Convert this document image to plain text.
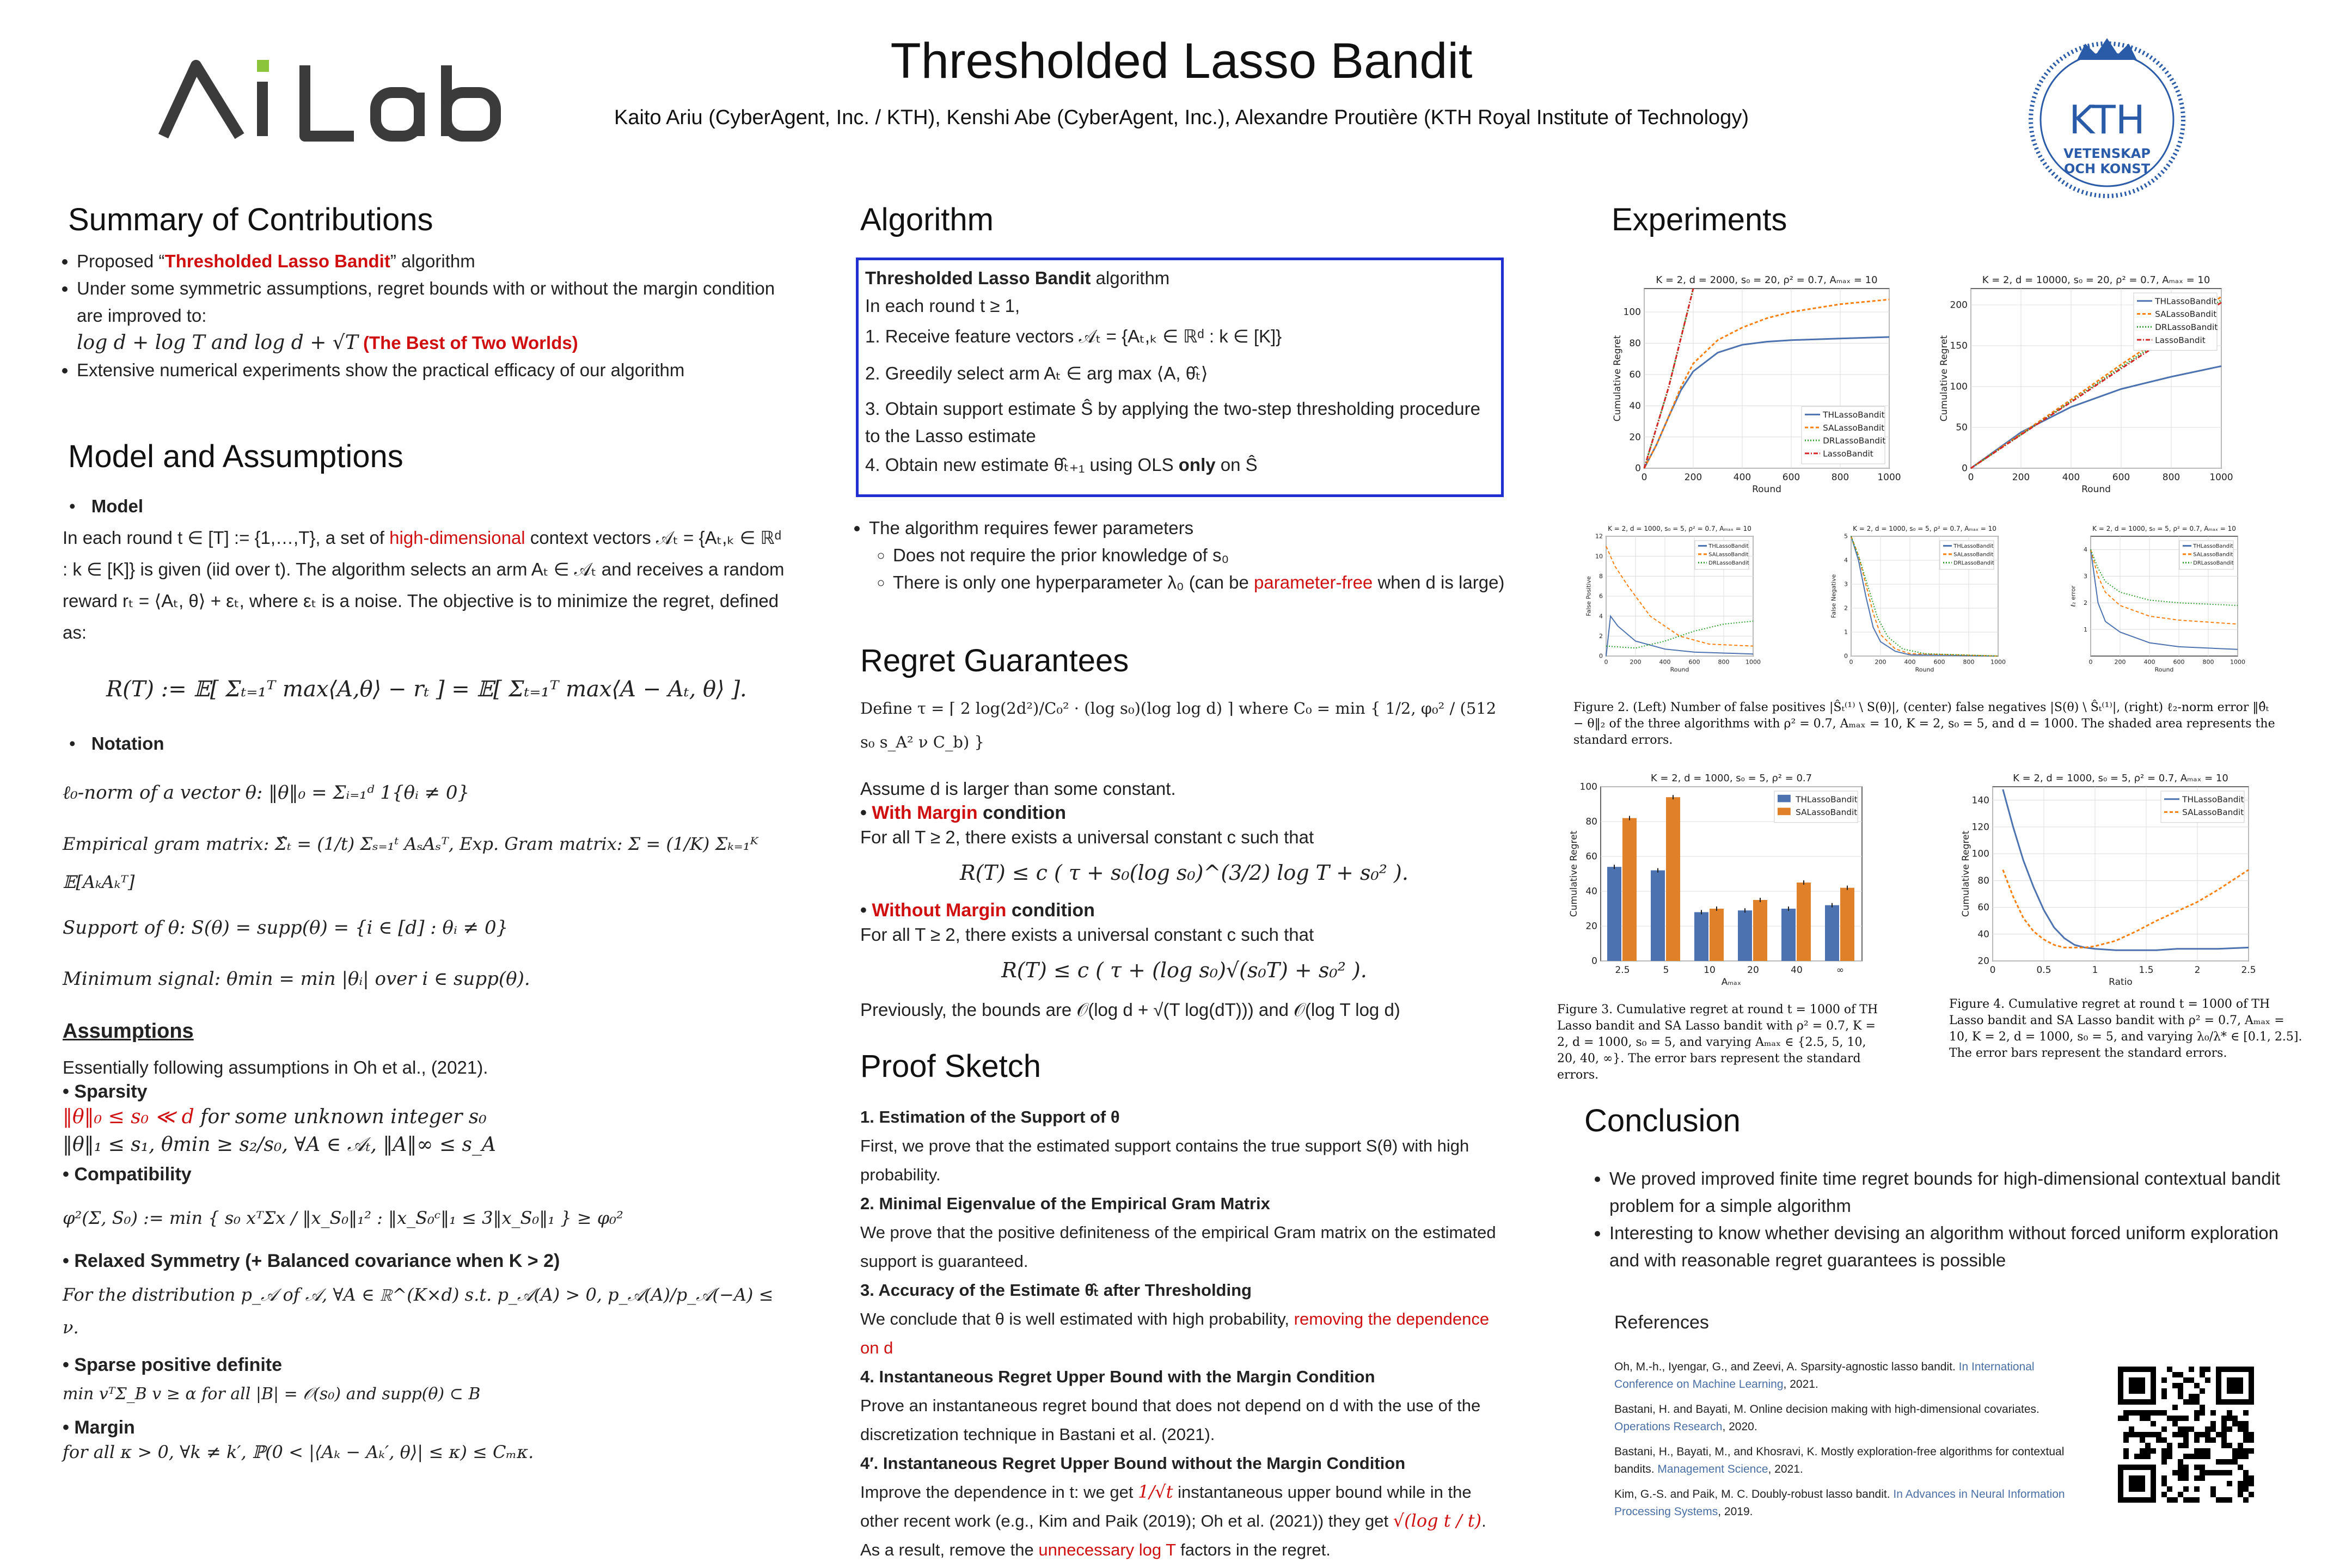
Thresholded Lasso Bandit
Kaito Ariu (CyberAgent, Inc. / KTH), Kenshi Abe (CyberAgent, Inc.), Alexandre Proutière (KTH Royal Institute of Technology)	KTH
VETENSKAP
OCH KONST
Summary of Contributions
• Proposed “Thresholded Lasso Bandit” algorithm
• Under some symmetric assumptions, regret bounds with or without the margin condition are improved to:
log d + log T and log d + √T (The Best of Two Worlds)
• Extensive numerical experiments show the practical efficacy of our algorithm
Model and Assumptions
• Model
In each round t ∈ [T] := {1,…,T}, a set of high-dimensional context vectors 𝒜ₜ = {Aₜ,ₖ ∈ ℝᵈ : k ∈ [K]} is given (iid over t). The algorithm selects an arm Aₜ ∈ 𝒜ₜ and receives a random reward rₜ = ⟨Aₜ, θ⟩ + εₜ, where εₜ is a noise. The objective is to minimize the regret, defined as:
R(T) := 𝔼[ Σₜ₌₁ᵀ max⟨A,θ⟩ − rₜ ] = 𝔼[ Σₜ₌₁ᵀ max⟨A − Aₜ, θ⟩ ].
• Notation
ℓ₀-norm of a vector θ: ‖θ‖₀ = Σᵢ₌₁ᵈ 1{θᵢ ≠ 0}
Empirical gram matrix: Σ̂ₜ = (1/t) Σₛ₌₁ᵗ AₛAₛᵀ, Exp. Gram matrix: Σ = (1/K) Σₖ₌₁ᴷ 𝔼[AₖAₖᵀ]
Support of θ: S(θ) = supp(θ) = {i ∈ [d] : θᵢ ≠ 0}
Minimum signal: θmin = min |θᵢ| over i ∈ supp(θ).
Assumptions
Essentially following assumptions in Oh et al., (2021).
• Sparsity
‖θ‖₀ ≤ s₀ ≪ d for some unknown integer s₀
‖θ‖₁ ≤ s₁, θmin ≥ s₂/s₀, ∀A ∈ 𝒜ₜ, ‖A‖∞ ≤ s_A
• Compatibility
φ²(Σ, S₀) := min { s₀ xᵀΣx / ‖x_S₀‖₁² : ‖x_S₀ᶜ‖₁ ≤ 3‖x_S₀‖₁ } ≥ φ₀²
• Relaxed Symmetry (+ Balanced covariance when K > 2)
For the distribution p_𝒜 of 𝒜, ∀A ∈ ℝ^(K×d) s.t. p_𝒜(A) > 0, p_𝒜(A)/p_𝒜(−A) ≤ ν.
• Sparse positive definite
min vᵀΣ_B v ≥ α for all |B| = 𝒪(s₀) and supp(θ) ⊂ B
• Margin
for all κ > 0, ∀k ≠ k′, ℙ(0 < |⟨Aₖ − Aₖ′, θ⟩| ≤ κ) ≤ Cₘκ.
Algorithm
Thresholded Lasso Bandit algorithm
In each round t ≥ 1,
1. Receive feature vectors 𝒜ₜ = {Aₜ,ₖ ∈ ℝᵈ : k ∈ [K]}
2. Greedily select arm Aₜ ∈ arg max ⟨A, θ̂ₜ⟩
3. Obtain support estimate Ŝ by applying the two-step thresholding procedure to the Lasso estimate
4. Obtain new estimate θ̂ₜ₊₁ using OLS only on Ŝ
• The algorithm requires fewer parameters
◦ Does not require the prior knowledge of s₀
◦ There is only one hyperparameter λ₀ (can be parameter-free when d is large)
Regret Guarantees
Define τ = ⌈ 2 log(2d²)/C₀² · (log s₀)(log log d) ⌉ where C₀ = min { 1/2, φ₀² / (512 s₀ s_A² ν C_b) }
Assume d is larger than some constant.
• With Margin condition
For all T ≥ 2, there exists a universal constant c such that
R(T) ≤ c ( τ + s₀(log s₀)^(3/2) log T + s₀² ).
• Without Margin condition
For all T ≥ 2, there exists a universal constant c such that
R(T) ≤ c ( τ + (log s₀)√(s₀T) + s₀² ).
Previously, the bounds are 𝒪(log d + √(T log(dT))) and 𝒪(log T log d)
Proof Sketch
1. Estimation of the Support of θ
First, we prove that the estimated support contains the true support S(θ) with high probability.
2. Minimal Eigenvalue of the Empirical Gram Matrix
We prove that the positive definiteness of the empirical Gram matrix on the estimated support is guaranteed.
3. Accuracy of the Estimate θ̂ₜ after Thresholding
We conclude that θ is well estimated with high probability, removing the dependence on d
4. Instantaneous Regret Upper Bound with the Margin Condition
Prove an instantaneous regret bound that does not depend on d with the use of the discretization technique in Bastani et al. (2021).
4′. Instantaneous Regret Upper Bound without the Margin Condition
Improve the dependence in t: we get 1/√t instantaneous upper bound while in the other recent work (e.g., Kim and Paik (2019); Oh et al. (2021)) they get √(log t / t). As a result, remove the unnecessary log T factors in the regret.
Experiments
K = 2, d = 2000, s₀ = 20, ρ² = 0.7, Aₘₐₓ = 10
0
20
40
60
80
100
Cumulative Regret
Round
0	200	400	600	800	1000
THLassoBandit
SALassoBandit
DRLassoBandit
LassoBandit
K = 2, d = 10000, s₀ = 20, ρ² = 0.7, Aₘₐₓ = 10
0
50
100
150
200
Cumulative Regret
Round
0	200	400	600	800	1000
THLassoBandit
SALassoBandit
DRLassoBandit
LassoBandit
K = 2, d = 1000, s₀ = 5, ρ² = 0.7, Aₘₐₓ = 10
0
2
4
6
8
10
12
False Positive
Round
0	200	400	600	800	1000
THLassoBandit
SALassoBandit
DRLassoBandit
K = 2, d = 1000, s₀ = 5, ρ² = 0.7, Aₘₐₓ = 10
0
1
2
3
4
5
False Negative
Round
0	200	400	600	800	1000
THLassoBandit
SALassoBandit
DRLassoBandit
K = 2, d = 1000, s₀ = 5, ρ² = 0.7, Aₘₐₓ = 10
1
2
3
4
ℓ₂ error
Round
0	200	400	600	800	1000
THLassoBandit
SALassoBandit
DRLassoBandit
Figure 2. (Left) Number of false positives |Ŝₜ⁽¹⁾ \ S(θ)|, (center) false negatives |S(θ) \ Ŝₜ⁽¹⁾|, (right) ℓ₂-norm error ‖θ̂ₜ − θ‖₂ of the three algorithms with ρ² = 0.7, Aₘₐₓ = 10, K = 2, s₀ = 5, and d = 1000. The shaded area represents the standard errors.
K = 2, d = 1000, s₀ = 5, ρ² = 0.7
0
20
40
60
80
100
Cumulative Regret
Aₘₐₓ
2.5	5	10	20	40	∞
THLassoBandit
SALassoBandit
Figure 3. Cumulative regret at round t = 1000 of TH Lasso bandit and SA Lasso bandit with ρ² = 0.7, K = 2, d = 1000, s₀ = 5, and varying Aₘₐₓ ∈ {2.5, 5, 10, 20, 40, ∞}. The error bars represent the standard errors.
K = 2, d = 1000, s₀ = 5, ρ² = 0.7, Aₘₐₓ = 10
20
40
60
80
100
120
140
Cumulative Regret
Ratio
0	0.5	1	1.5	2	2.5
THLassoBandit
SALassoBandit
Figure 4. Cumulative regret at round t = 1000 of TH Lasso bandit and SA Lasso bandit with ρ² = 0.7, Aₘₐₓ = 10, K = 2, d = 1000, s₀ = 5, and varying λ₀/λ* ∈ [0.1, 2.5]. The error bars represent the standard errors.
Conclusion
• We proved improved finite time regret bounds for high-dimensional contextual bandit problem for a simple algorithm
• Interesting to know whether devising an algorithm without forced uniform exploration and with reasonable regret guarantees is possible
References
Oh, M.-h., Iyengar, G., and Zeevi, A. Sparsity-agnostic lasso bandit. In International Conference on Machine Learning, 2021.
Bastani, H. and Bayati, M. Online decision making with high-dimensional covariates. Operations Research, 2020.
Bastani, H., Bayati, M., and Khosravi, K. Mostly exploration-free algorithms for contextual bandits. Management Science, 2021.
Kim, G.-S. and Paik, M. C. Doubly-robust lasso bandit. In Advances in Neural Information Processing Systems, 2019.
